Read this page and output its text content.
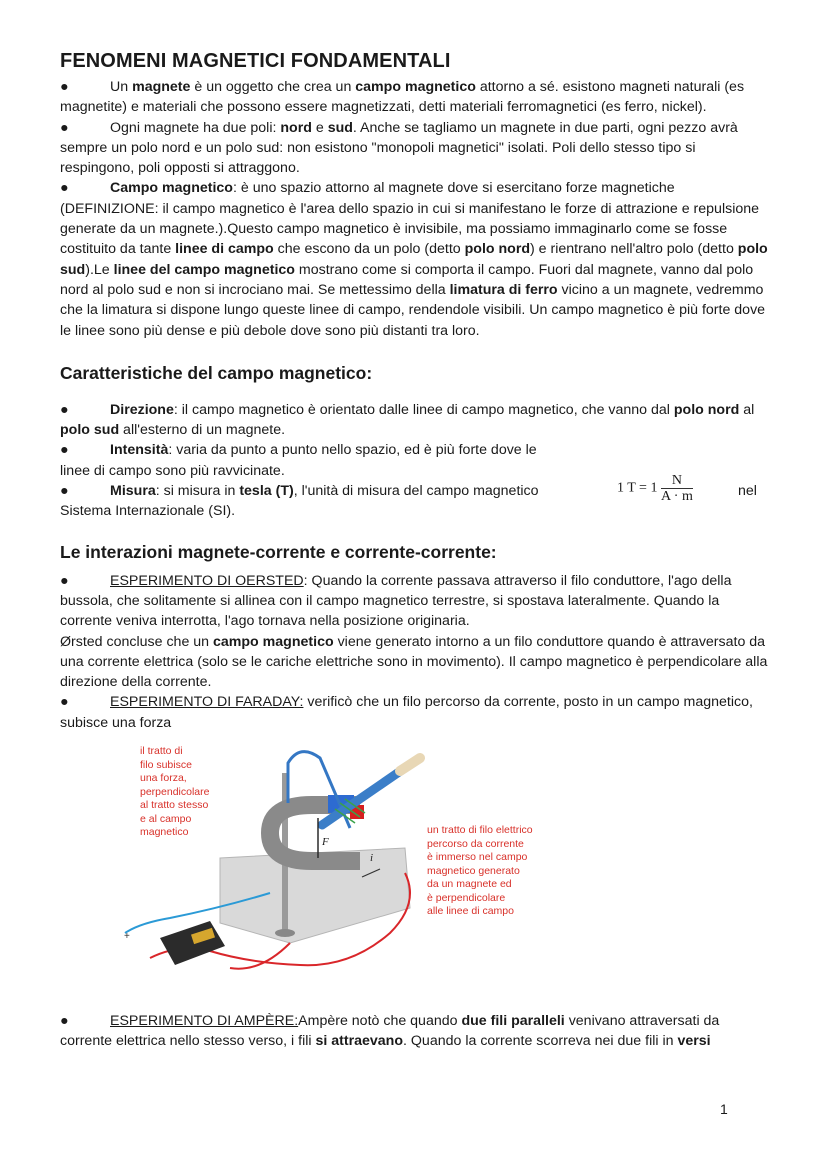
FENOMENI MAGNETICI FONDAMENTALI

●	Un magnete è un oggetto che crea un campo magnetico attorno a sé. esistono magneti naturali (es magnetite) e materiali che possono essere magnetizzati, detti materiali ferromagnetici (es ferro, nickel).

●	Ogni magnete ha due poli: nord e sud. Anche se tagliamo un magnete in due parti, ogni pezzo avrà sempre un polo nord e un polo sud: non esistono "monopoli magnetici" isolati. Poli dello stesso tipo si respingono, poli opposti si attraggono.

●	Campo magnetico: è uno spazio attorno al magnete dove si esercitano forze magnetiche (DEFINIZIONE: il campo magnetico è l'area dello spazio in cui si manifestano le forze di attrazione e repulsione generate da un magnete.).Questo campo magnetico è invisibile, ma possiamo immaginarlo come se fosse costituito da tante linee di campo che escono da un polo (detto polo nord) e rientrano nell'altro polo (detto polo sud).Le linee del campo magnetico mostrano come si comporta il campo. Fuori dal magnete, vanno dal polo nord al polo sud e non si incrociano mai. Se mettessimo della limatura di ferro vicino a un magnete, vedremmo che la limatura si dispone lungo queste linee di campo, rendendole visibili. Un campo magnetico è più forte dove le linee sono più dense e più debole dove sono più distanti tra loro.

Caratteristiche del campo magnetico:

●	Direzione: il campo magnetico è orientato dalle linee di campo magnetico, che vanno dal polo nord al polo sud all'esterno di un magnete.

●	Intensità: varia da punto a punto nello spazio, ed è più forte dove le
linee di campo sono più ravvicinate.

●	Misura: si misura in tesla (T), l'unità di misura del campo magnetico	nel

Sistema Internazionale (SI).

1 $T = 1 \frac{N}{A \cdot m}$
Le interazioni magnete-corrente e corrente-corrente:

●	ESPERIMENTO DI OERSTED: Quando la corrente passava attraverso il filo conduttore, l'ago della bussola, che solitamente si allinea con il campo magnetico terrestre, si spostava lateralmente. Quando la corrente veniva interrotta, l'ago tornava nella posizione originaria.

Ørsted concluse che un campo magnetico viene generato intorno a un filo conduttore quando è attraversato da una corrente elettrica (solo se le cariche elettriche sono in movimento). Il campo magnetico è perpendicolare alla direzione della corrente.

●	ESPERIMENTO DI FARADAY: verificò che un filo percorso da corrente, posto in un campo magnetico, subisce una forza

il tratto di
filo subisce
una forza,
perpendicolare
al tratto stesso
e al campo
magnetico	un tratto di filo elettrico
percorso da corrente
è immerso nel campo
magnetico generato
da un magnete ed
è perpendicolare
alle linee di campo
F
i
+

●	ESPERIMENTO DI AMPÈRE:Ampère notò che quando due fili paralleli venivano attraversati da corrente elettrica nello stesso verso, i fili si attraevano. Quando la corrente scorreva nei due fili in versi

1
